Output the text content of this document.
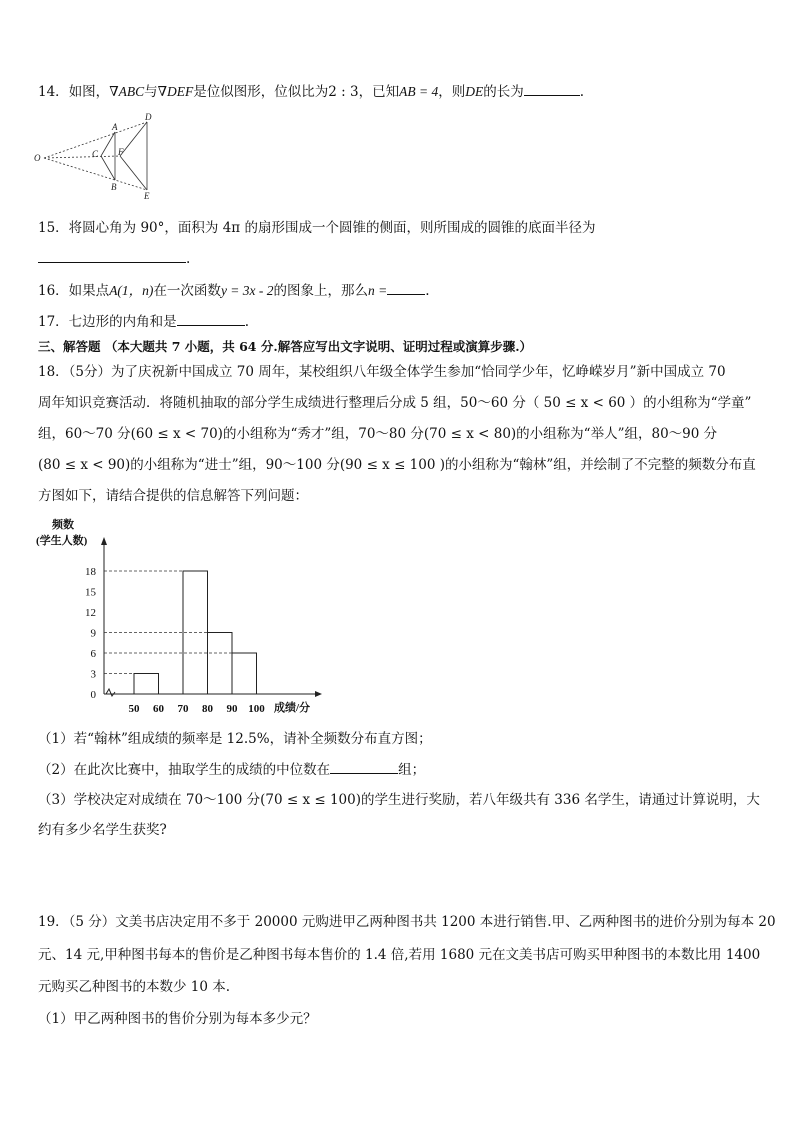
14．如图，∇ABC与∇DEF是位似图形，位似比为2 : 3，已知AB = 4，则DE的长为	.
O
A
B
C
D
E
F
15．将圆心角为 90°，面积为 4π 的扇形围成一个圆锥的侧面，则所围成的圆锥的底面半径为
.
16．如果点A(1，n)在一次函数y = 3x - 2的图象上，那么n =	.
17．七边形的内角和是	.
三、解答题 （本大题共 7 小题，共 64 分.解答应写出文字说明、证明过程或演算步骤.）
18．（5分）为了庆祝新中国成立 70 周年，某校组织八年级全体学生参加“恰同学少年，忆峥嵘岁月”新中国成立 70
周年知识竞赛活动．将随机抽取的部分学生成绩进行整理后分成 5 组，50～60 分（ 50 ≤ x < 60 ）的小组称为“学童”
组，60～70 分(60 ≤ x < 70)的小组称为“秀才”组，70～80 分(70 ≤ x < 80)的小组称为“举人”组，80～90 分
(80 ≤ x < 90)的小组称为“进士”组，90～100 分(90 ≤ x ≤ 100 )的小组称为“翰林”组，并绘制了不完整的频数分布直
方图如下，请结合提供的信息解答下列问题：
频数
(学生人数)
成绩/分
0
3
6
9
12
15
18
50 60 70 80 90 100
（1）若“翰林”组成绩的频率是 12.5%，请补全频数分布直方图；
（2）在此次比赛中，抽取学生的成绩的中位数在	组；
（3）学校决定对成绩在 70～100 分(70 ≤ x ≤ 100)的学生进行奖励，若八年级共有 336 名学生，请通过计算说明，大
约有多少名学生获奖?
19．（5 分）文美书店决定用不多于 20000 元购进甲乙两种图书共 1200 本进行销售.甲、乙两种图书的进价分别为每本 20
元、14 元,甲种图书每本的售价是乙种图书每本售价的 1.4 倍,若用 1680 元在文美书店可购买甲种图书的本数比用 1400
元购买乙种图书的本数少 10 本.
（1）甲乙两种图书的售价分别为每本多少元？
